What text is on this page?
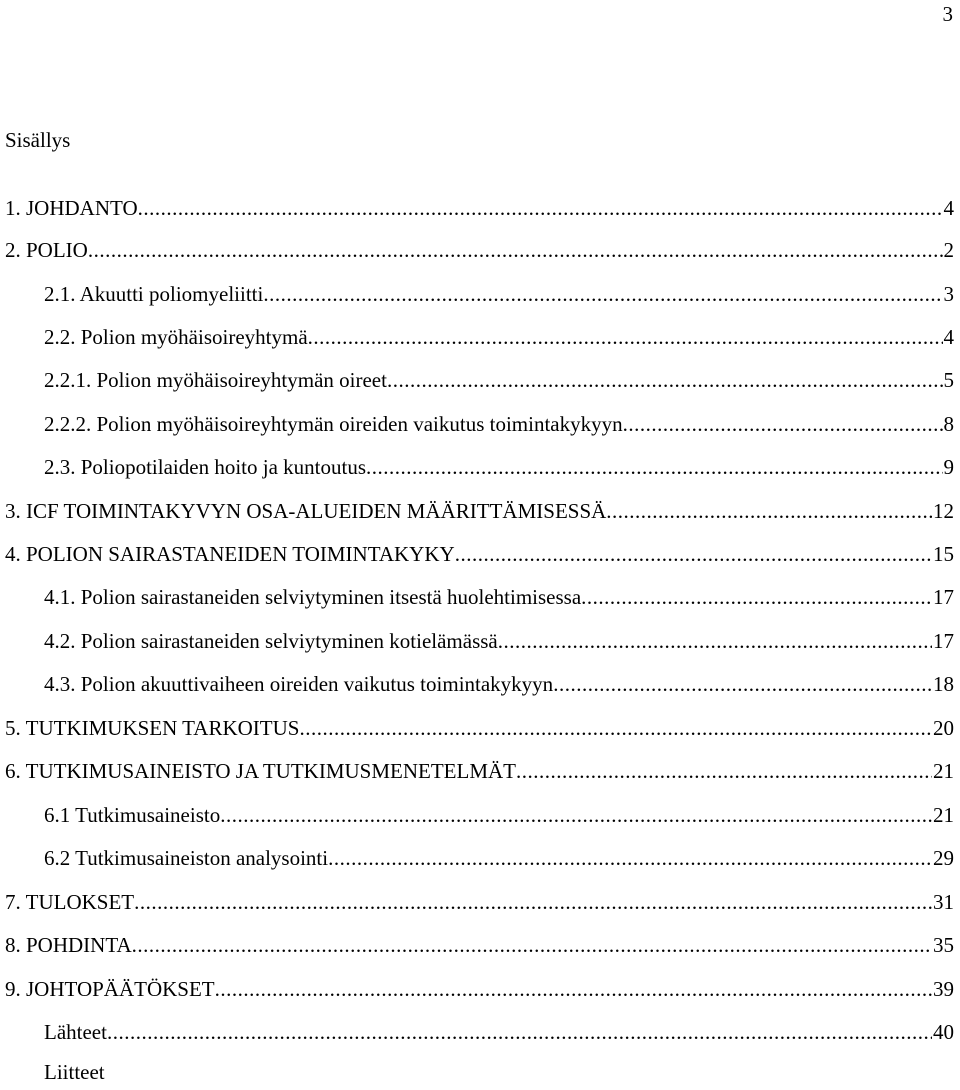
3
Sisällys
1. JOHDANTO .....	4
2. POLIO .....	2
2.1. Akuutti poliomyeliitti .....	3
2.2. Polion myöhäisoireyhtymä .....	4
2.2.1. Polion myöhäisoireyhtymän oireet .....	5
2.2.2. Polion myöhäisoireyhtymän oireiden vaikutus toimintakykyyn .....	8
2.3. Poliopotilaiden hoito ja kuntoutus .....	9
3. ICF TOIMINTAKYVYN OSA-ALUEIDEN MÄÄRITTÄMISESSÄ .....	12
4. POLION SAIRASTANEIDEN TOIMINTAKYKY .....	15
4.1. Polion sairastaneiden selviytyminen itsestä huolehtimisessa .....	17
4.2. Polion sairastaneiden selviytyminen kotielämässä .....	17
4.3. Polion akuuttivaiheen oireiden vaikutus toimintakykyyn .....	18
5. TUTKIMUKSEN TARKOITUS .....	20
6. TUTKIMUSAINEISTO JA TUTKIMUSMENETELMÄT .....	21
6.1 Tutkimusaineisto .....	21
6.2 Tutkimusaineiston analysointi .....	29
7. TULOKSET .....	31
8. POHDINTA .....	35
9. JOHTOPÄÄTÖKSET .....	39
Lähteet .....	40
Liitteet
